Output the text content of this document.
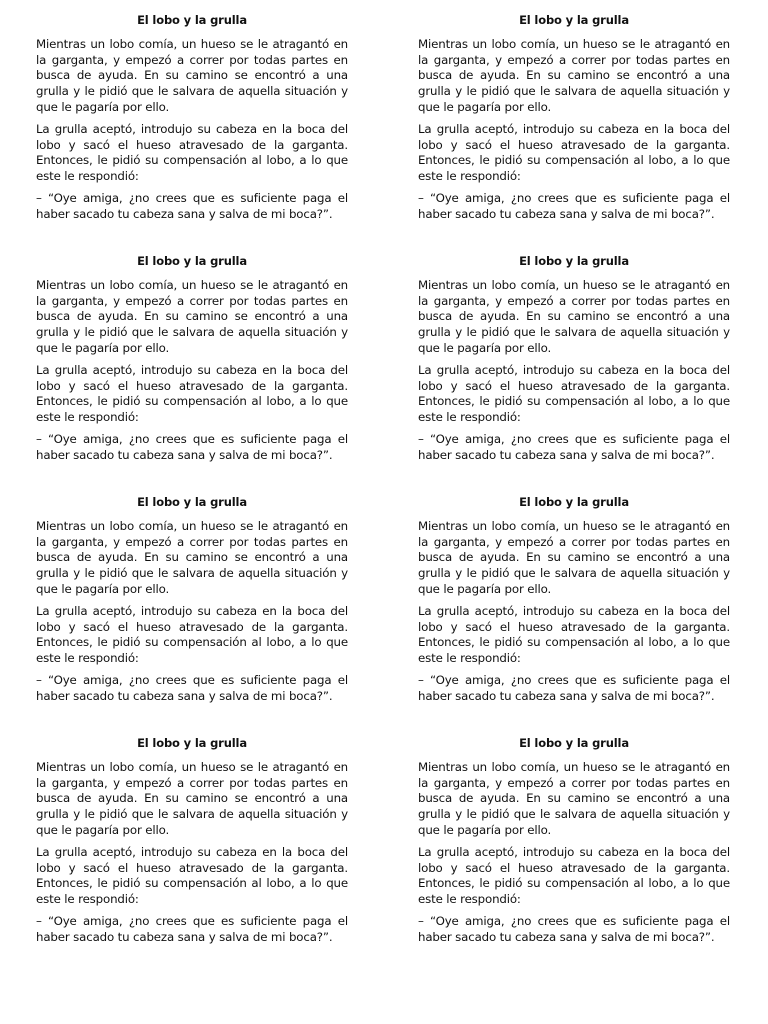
El lobo y la grulla

Mientras un lobo comía, un hueso se le atragantó en la garganta, y empezó a correr por todas partes en busca de ayuda. En su camino se encontró a una grulla y le pidió que le salvara de aquella situación y que le pagaría por ello.

La grulla aceptó, introdujo su cabeza en la boca del lobo y sacó el hueso atravesado de la garganta. Entonces, le pidió su compensación al lobo, a lo que este le respondió:

– “Oye amiga, ¿no crees que es suficiente paga el haber sacado tu cabeza sana y salva de mi boca?”.

El lobo y la grulla

Mientras un lobo comía, un hueso se le atragantó en la garganta, y empezó a correr por todas partes en busca de ayuda. En su camino se encontró a una grulla y le pidió que le salvara de aquella situación y que le pagaría por ello.

La grulla aceptó, introdujo su cabeza en la boca del lobo y sacó el hueso atravesado de la garganta. Entonces, le pidió su compensación al lobo, a lo que este le respondió:

– “Oye amiga, ¿no crees que es suficiente paga el haber sacado tu cabeza sana y salva de mi boca?”.

El lobo y la grulla

Mientras un lobo comía, un hueso se le atragantó en la garganta, y empezó a correr por todas partes en busca de ayuda. En su camino se encontró a una grulla y le pidió que le salvara de aquella situación y que le pagaría por ello.

La grulla aceptó, introdujo su cabeza en la boca del lobo y sacó el hueso atravesado de la garganta. Entonces, le pidió su compensación al lobo, a lo que este le respondió:

– “Oye amiga, ¿no crees que es suficiente paga el haber sacado tu cabeza sana y salva de mi boca?”.

El lobo y la grulla

Mientras un lobo comía, un hueso se le atragantó en la garganta, y empezó a correr por todas partes en busca de ayuda. En su camino se encontró a una grulla y le pidió que le salvara de aquella situación y que le pagaría por ello.

La grulla aceptó, introdujo su cabeza en la boca del lobo y sacó el hueso atravesado de la garganta. Entonces, le pidió su compensación al lobo, a lo que este le respondió:

– “Oye amiga, ¿no crees que es suficiente paga el haber sacado tu cabeza sana y salva de mi boca?”.

El lobo y la grulla

Mientras un lobo comía, un hueso se le atragantó en la garganta, y empezó a correr por todas partes en busca de ayuda. En su camino se encontró a una grulla y le pidió que le salvara de aquella situación y que le pagaría por ello.

La grulla aceptó, introdujo su cabeza en la boca del lobo y sacó el hueso atravesado de la garganta. Entonces, le pidió su compensación al lobo, a lo que este le respondió:

– “Oye amiga, ¿no crees que es suficiente paga el haber sacado tu cabeza sana y salva de mi boca?”.

El lobo y la grulla

Mientras un lobo comía, un hueso se le atragantó en la garganta, y empezó a correr por todas partes en busca de ayuda. En su camino se encontró a una grulla y le pidió que le salvara de aquella situación y que le pagaría por ello.

La grulla aceptó, introdujo su cabeza en la boca del lobo y sacó el hueso atravesado de la garganta. Entonces, le pidió su compensación al lobo, a lo que este le respondió:

– “Oye amiga, ¿no crees que es suficiente paga el haber sacado tu cabeza sana y salva de mi boca?”.

El lobo y la grulla

Mientras un lobo comía, un hueso se le atragantó en la garganta, y empezó a correr por todas partes en busca de ayuda. En su camino se encontró a una grulla y le pidió que le salvara de aquella situación y que le pagaría por ello.

La grulla aceptó, introdujo su cabeza en la boca del lobo y sacó el hueso atravesado de la garganta. Entonces, le pidió su compensación al lobo, a lo que este le respondió:

– “Oye amiga, ¿no crees que es suficiente paga el haber sacado tu cabeza sana y salva de mi boca?”.

El lobo y la grulla

Mientras un lobo comía, un hueso se le atragantó en la garganta, y empezó a correr por todas partes en busca de ayuda. En su camino se encontró a una grulla y le pidió que le salvara de aquella situación y que le pagaría por ello.

La grulla aceptó, introdujo su cabeza en la boca del lobo y sacó el hueso atravesado de la garganta. Entonces, le pidió su compensación al lobo, a lo que este le respondió:

– “Oye amiga, ¿no crees que es suficiente paga el haber sacado tu cabeza sana y salva de mi boca?”.
